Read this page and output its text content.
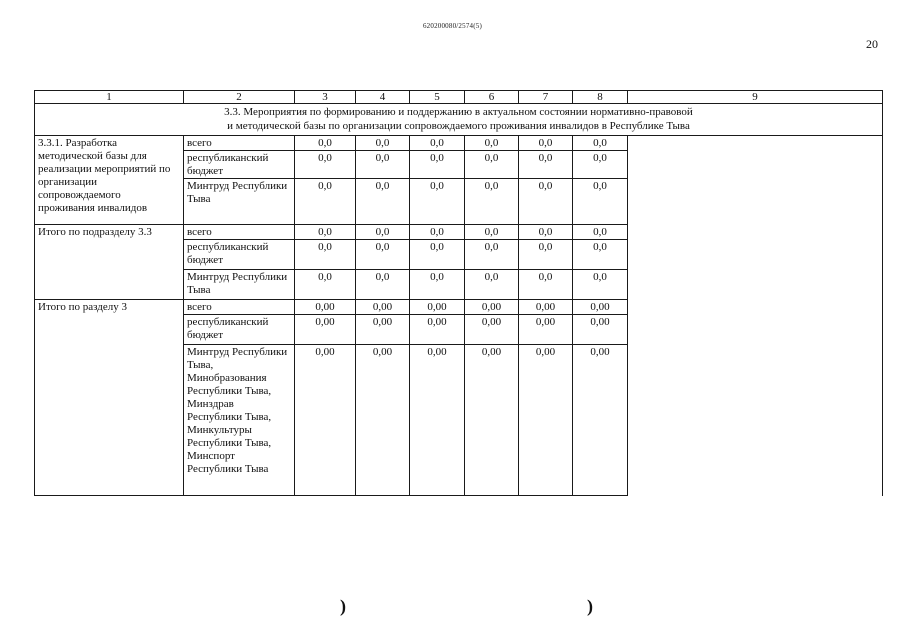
620200080/2574(5)
20
1	2	3	4	5	6	7	8	9

3.3. Мероприятия по формированию и поддержанию в актуальном состоянии нормативно-правовой
и методической базы по организации сопровождаемого проживания инвалидов в Республике Тыва								

3.3.1. Разработка методической базы для реализации мероприятий по организации сопровождаемого проживания инвалидов	всего	0,0	0,0	0,0	0,0	0,0	0,0	
	республиканский бюджет	0,0	0,0	0,0	0,0	0,0	0,0	
	Минтруд Республики Тыва	0,0	0,0	0,0	0,0	0,0	0,0	
Итого по подразделу 3.3	всего	0,0	0,0	0,0	0,0	0,0	0,0	
	республиканский бюджет	0,0	0,0	0,0	0,0	0,0	0,0	
	Минтруд Республики Тыва	0,0	0,0	0,0	0,0	0,0	0,0	
Итого по разделу 3	всего	0,00	0,00	0,00	0,00	0,00	0,00	
	республиканский бюджет	0,00	0,00	0,00	0,00	0,00	0,00	
	Минтруд Республики Тыва, Минобразования Республики Тыва, Минздрав Республики Тыва, Минкультуры Республики Тыва, Минспорт Республики Тыва	0,00	0,00	0,00	0,00	0,00	0,00	
)	)
